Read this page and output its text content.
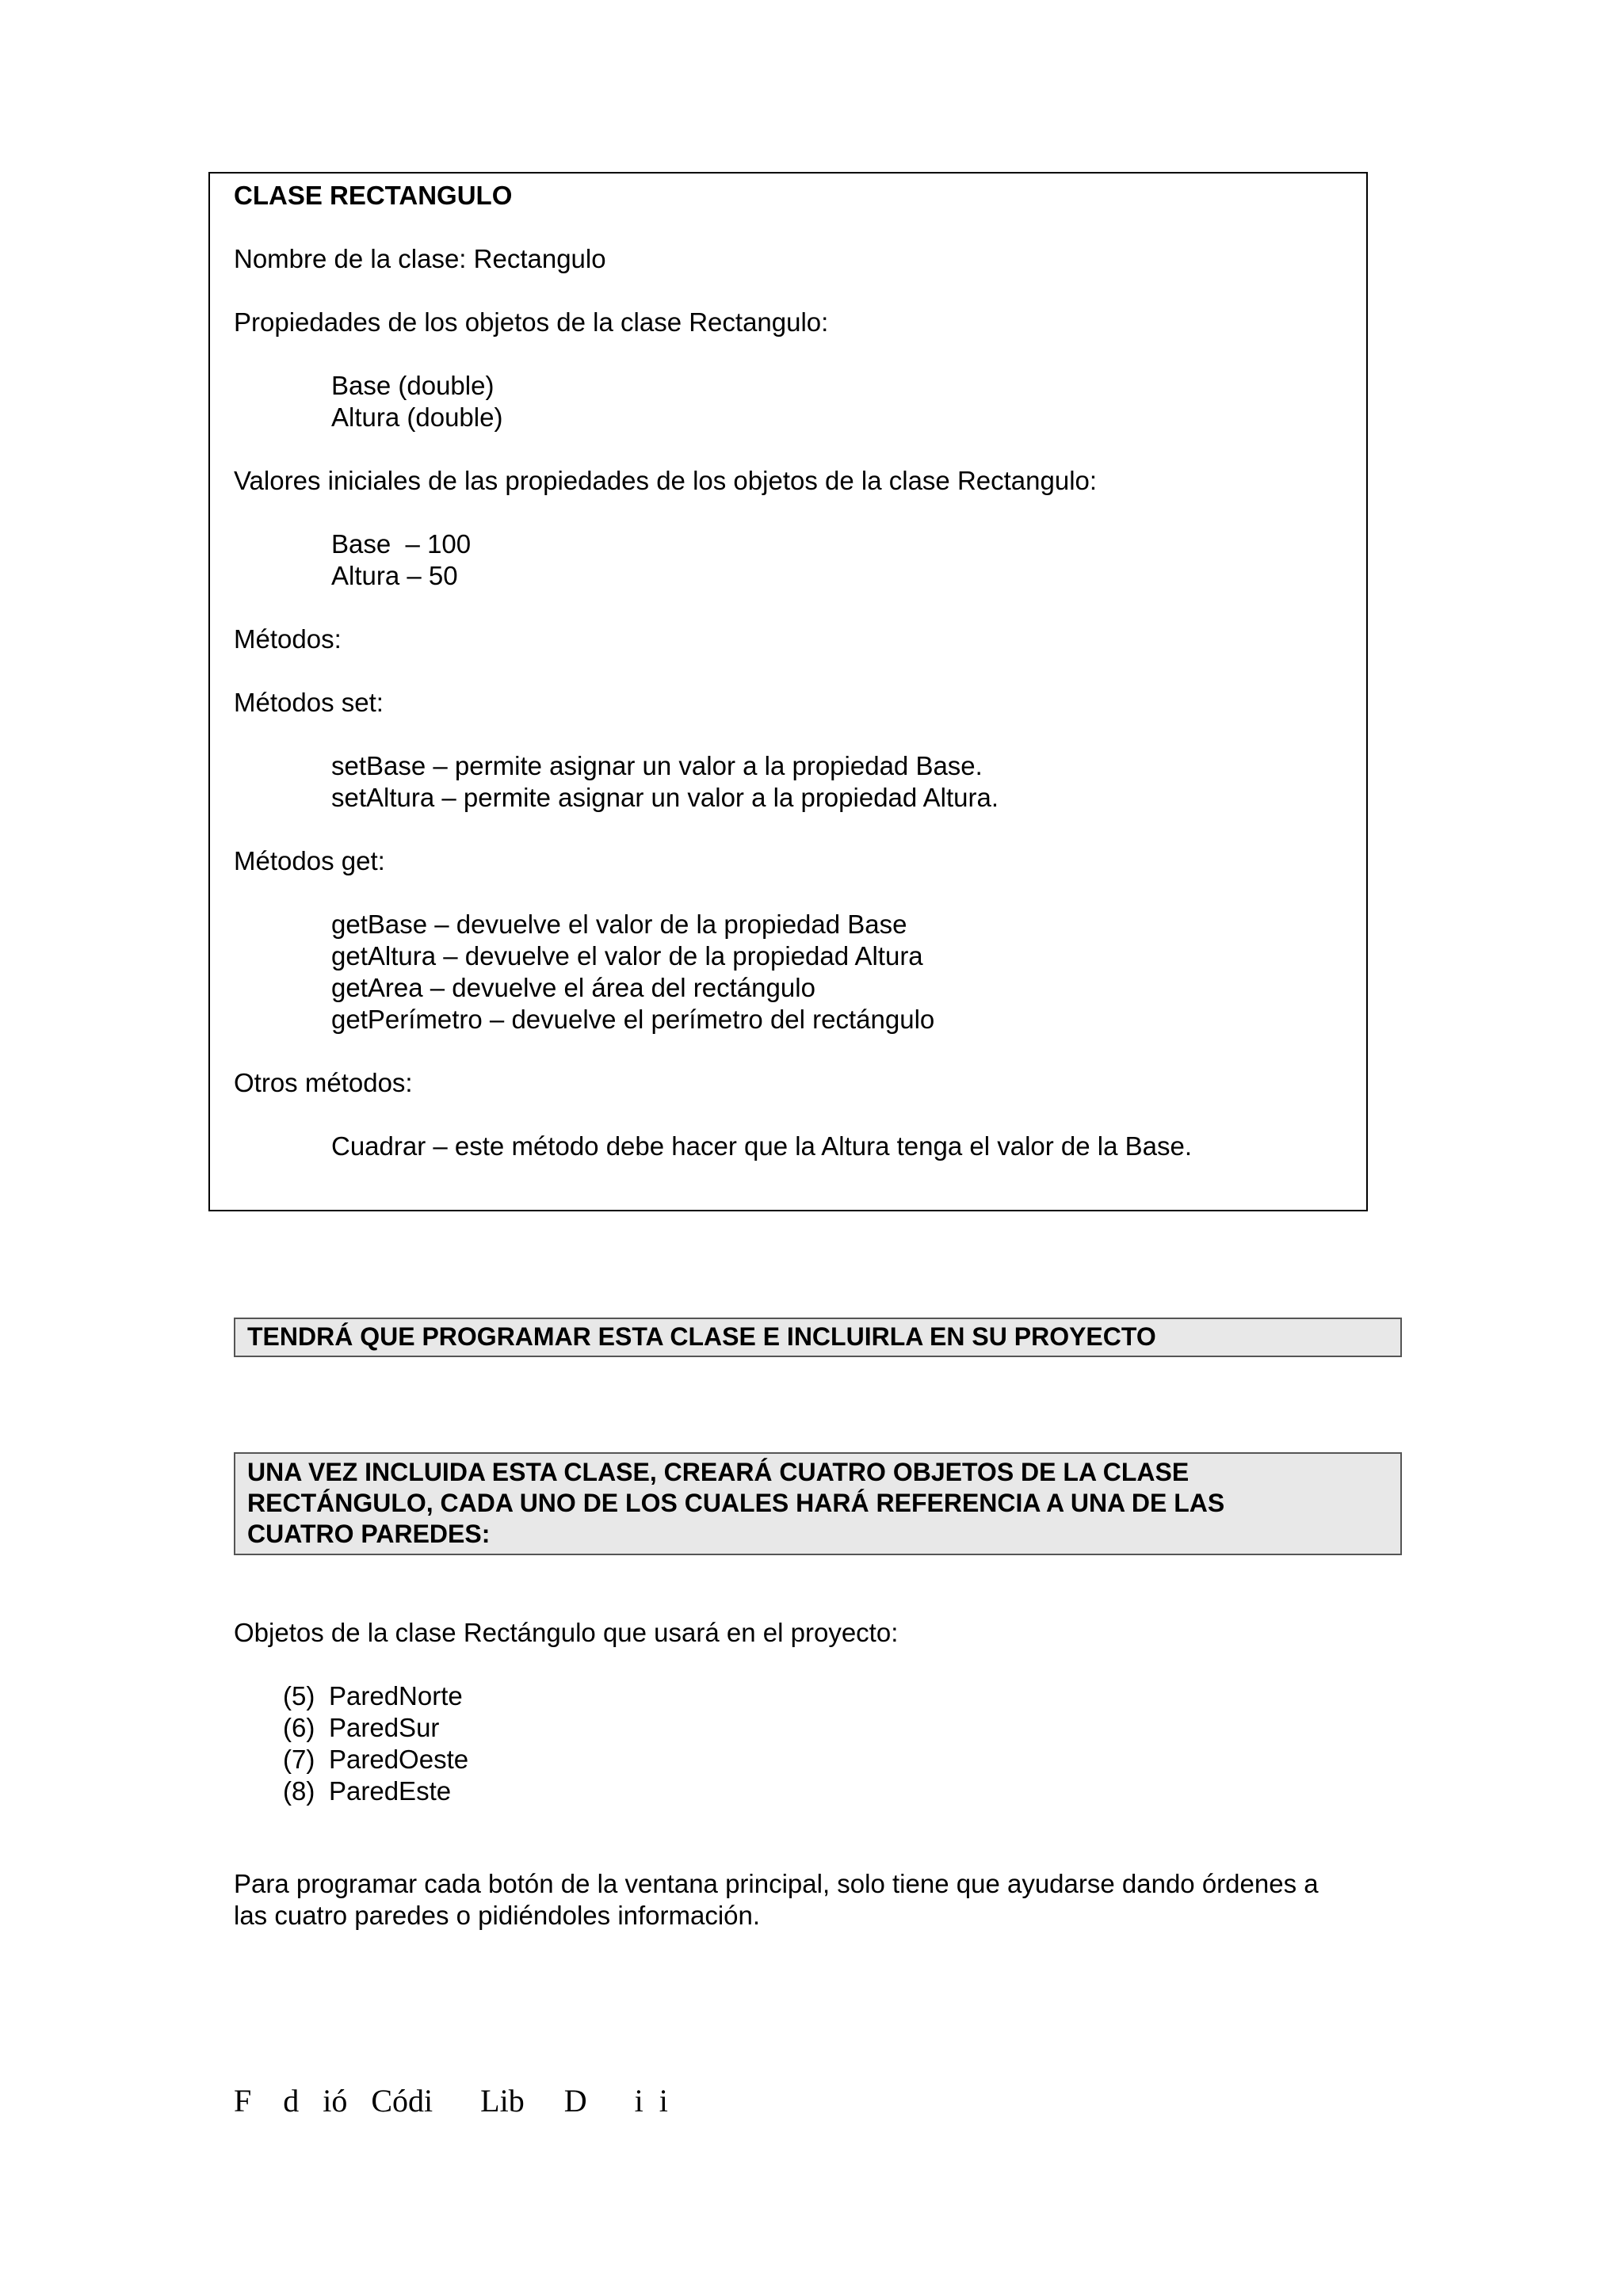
CLASE RECTANGULO

Nombre de la clase: Rectangulo

Propiedades de los objetos de la clase Rectangulo:

Base (double)

Altura (double)

Valores iniciales de las propiedades de los objetos de la clase Rectangulo:

Base  – 100

Altura – 50

Métodos:

Métodos set:

setBase – permite asignar un valor a la propiedad Base.

setAltura – permite asignar un valor a la propiedad Altura.

Métodos get:

getBase – devuelve el valor de la propiedad Base

getAltura – devuelve el valor de la propiedad Altura

getArea – devuelve el área del rectángulo

getPerímetro – devuelve el perímetro del rectángulo

Otros métodos:

Cuadrar – este método debe hacer que la Altura tenga el valor de la Base.

TENDRÁ QUE PROGRAMAR ESTA CLASE E INCLUIRLA EN SU PROYECTO
UNA VEZ INCLUIDA ESTA CLASE, CREARÁ CUATRO OBJETOS DE LA CLASE
RECTÁNGULO, CADA UNO DE LOS CUALES HARÁ REFERENCIA A UNA DE LAS
CUATRO PAREDES:

Objetos de la clase Rectángulo que usará en el proyecto:

(5) ParedNorte
(6) ParedSur
(7) ParedOeste
(8) ParedEste

Para programar cada botón de la ventana principal, solo tiene que ayudarse dando órdenes a

las cuatro paredes o pidiéndoles información.

F    d   ió   Códi      Lib     D      i  i
